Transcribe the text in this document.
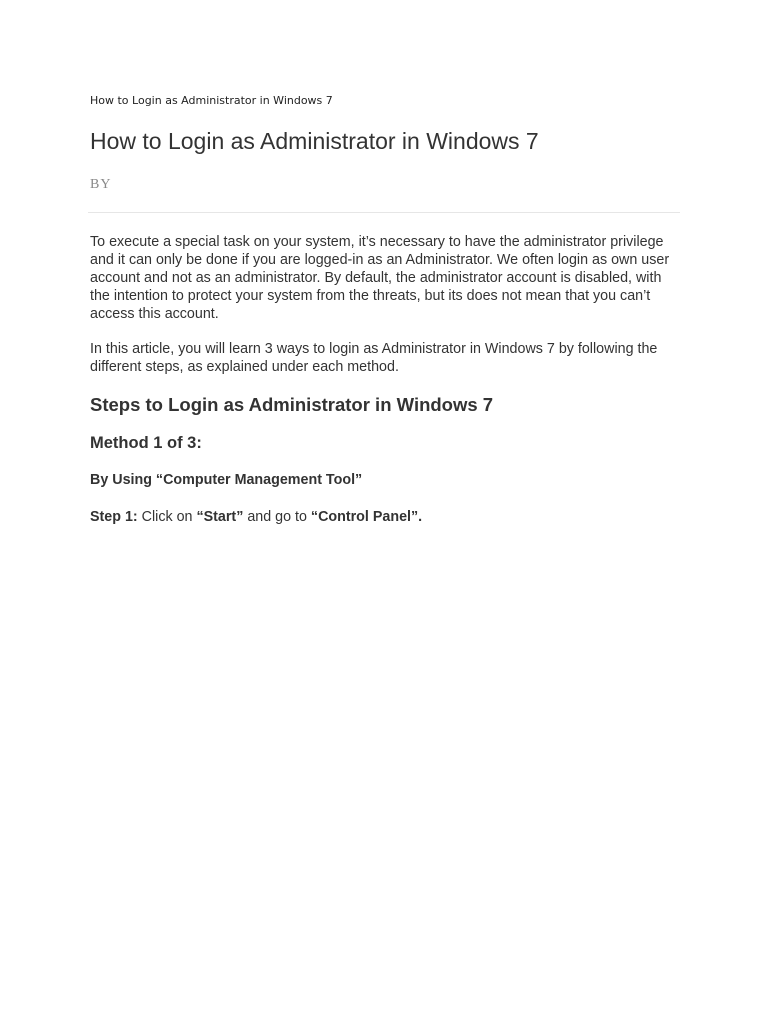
How to Login as Administrator in Windows 7
How to Login as Administrator in Windows 7
BY

To execute a special task on your system, it’s necessary to have the administrator privilege and it can only be done if you are logged-in as an Administrator. We often login as own user account and not as an administrator. By default, the administrator account is disabled, with the intention to protect your system from the threats, but its does not mean that you can’t access this account.

In this article, you will learn 3 ways to login as Administrator in Windows 7 by following the different steps, as explained under each method.

Steps to Login as Administrator in Windows 7
Method 1 of 3:
By Using “Computer Management Tool”

Step 1: Click on “Start” and go to “Control Panel”.
